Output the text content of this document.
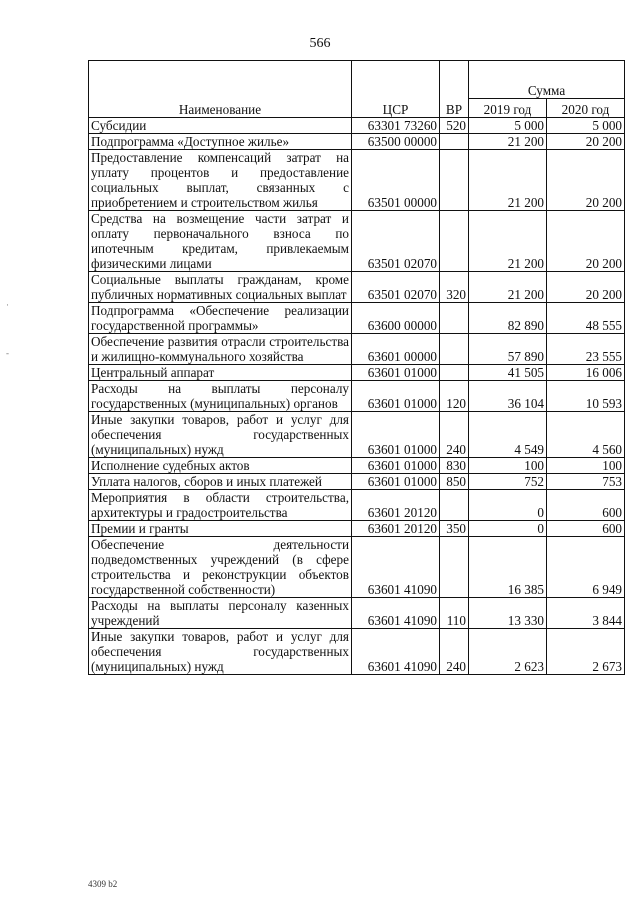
566
Наименование	ЦСР	ВР	Сумма	
			2019 год	2020 год
Субсидии	63301 73260	520	5 000	5 000
Подпрограмма «Доступное жилье»	63500 00000		21 200	20 200
Предоставление компенсаций затрат на уплату процентов и предоставление социальных выплат, связанных с приобретением и строительством жилья	63501 00000		21 200	20 200
Средства на возмещение части затрат и оплату первоначального взноса по ипотечным кредитам, привлекаемым физическими лицами	63501 02070		21 200	20 200
Социальные выплаты гражданам, кроме публичных нормативных социальных выплат	63501 02070	320	21 200	20 200
Подпрограмма «Обеспечение реализации государственной программы»	63600 00000		82 890	48 555
Обеспечение развития отрасли строительства и жилищно-коммунального хозяйства	63601 00000		57 890	23 555
Центральный аппарат	63601 01000		41 505	16 006
Расходы на выплаты персоналу государственных (муниципальных) органов	63601 01000	120	36 104	10 593
Иные закупки товаров, работ и услуг для обеспечения государственных (муниципальных) нужд	63601 01000	240	4 549	4 560
Исполнение судебных актов	63601 01000	830	100	100
Уплата налогов, сборов и иных платежей	63601 01000	850	752	753
Мероприятия в области строительства, архитектуры и градостроительства	63601 20120		0	600
Премии и гранты	63601 20120	350	0	600
Обеспечение деятельности подведомственных учреждений (в сфере строительства и реконструкции объектов государственной собственности)	63601 41090		16 385	6 949
Расходы на выплаты персоналу казенных учреждений	63601 41090	110	13 330	3 844
Иные закупки товаров, работ и услуг для обеспечения государственных (муниципальных) нужд	63601 41090	240	2 623	2 673
·
-
4309 b2
